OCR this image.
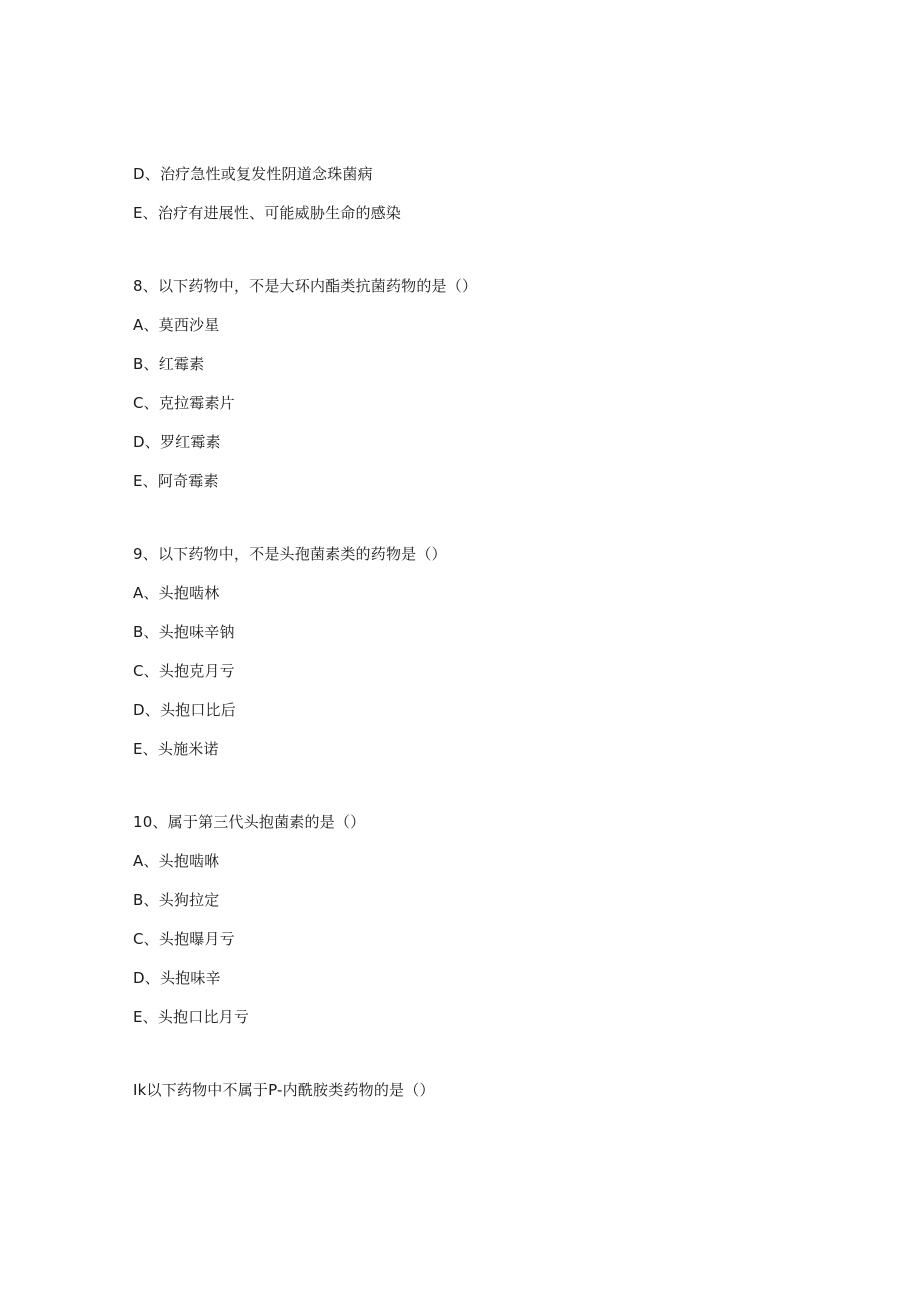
D、治疗急性或复发性阴道念珠菌病
E、治疗有进展性、可能威胁生命的感染
8、以下药物中，不是大环内酯类抗菌药物的是（）
A、莫西沙星
B、红霉素
C、克拉霉素片
D、罗红霉素
E、阿奇霉素
9、以下药物中，不是头孢菌素类的药物是（）
A、头抱啮林
B、头抱味辛钠
C、头抱克月亏
D、头抱口比后
E、头施米诺
10、属于第三代头抱菌素的是（）
A、头抱啮咻
B、头狗拉定
C、头抱曝月亏
D、头抱味辛
E、头抱口比月亏
Ik以下药物中不属于P-内酰胺类药物的是（）
